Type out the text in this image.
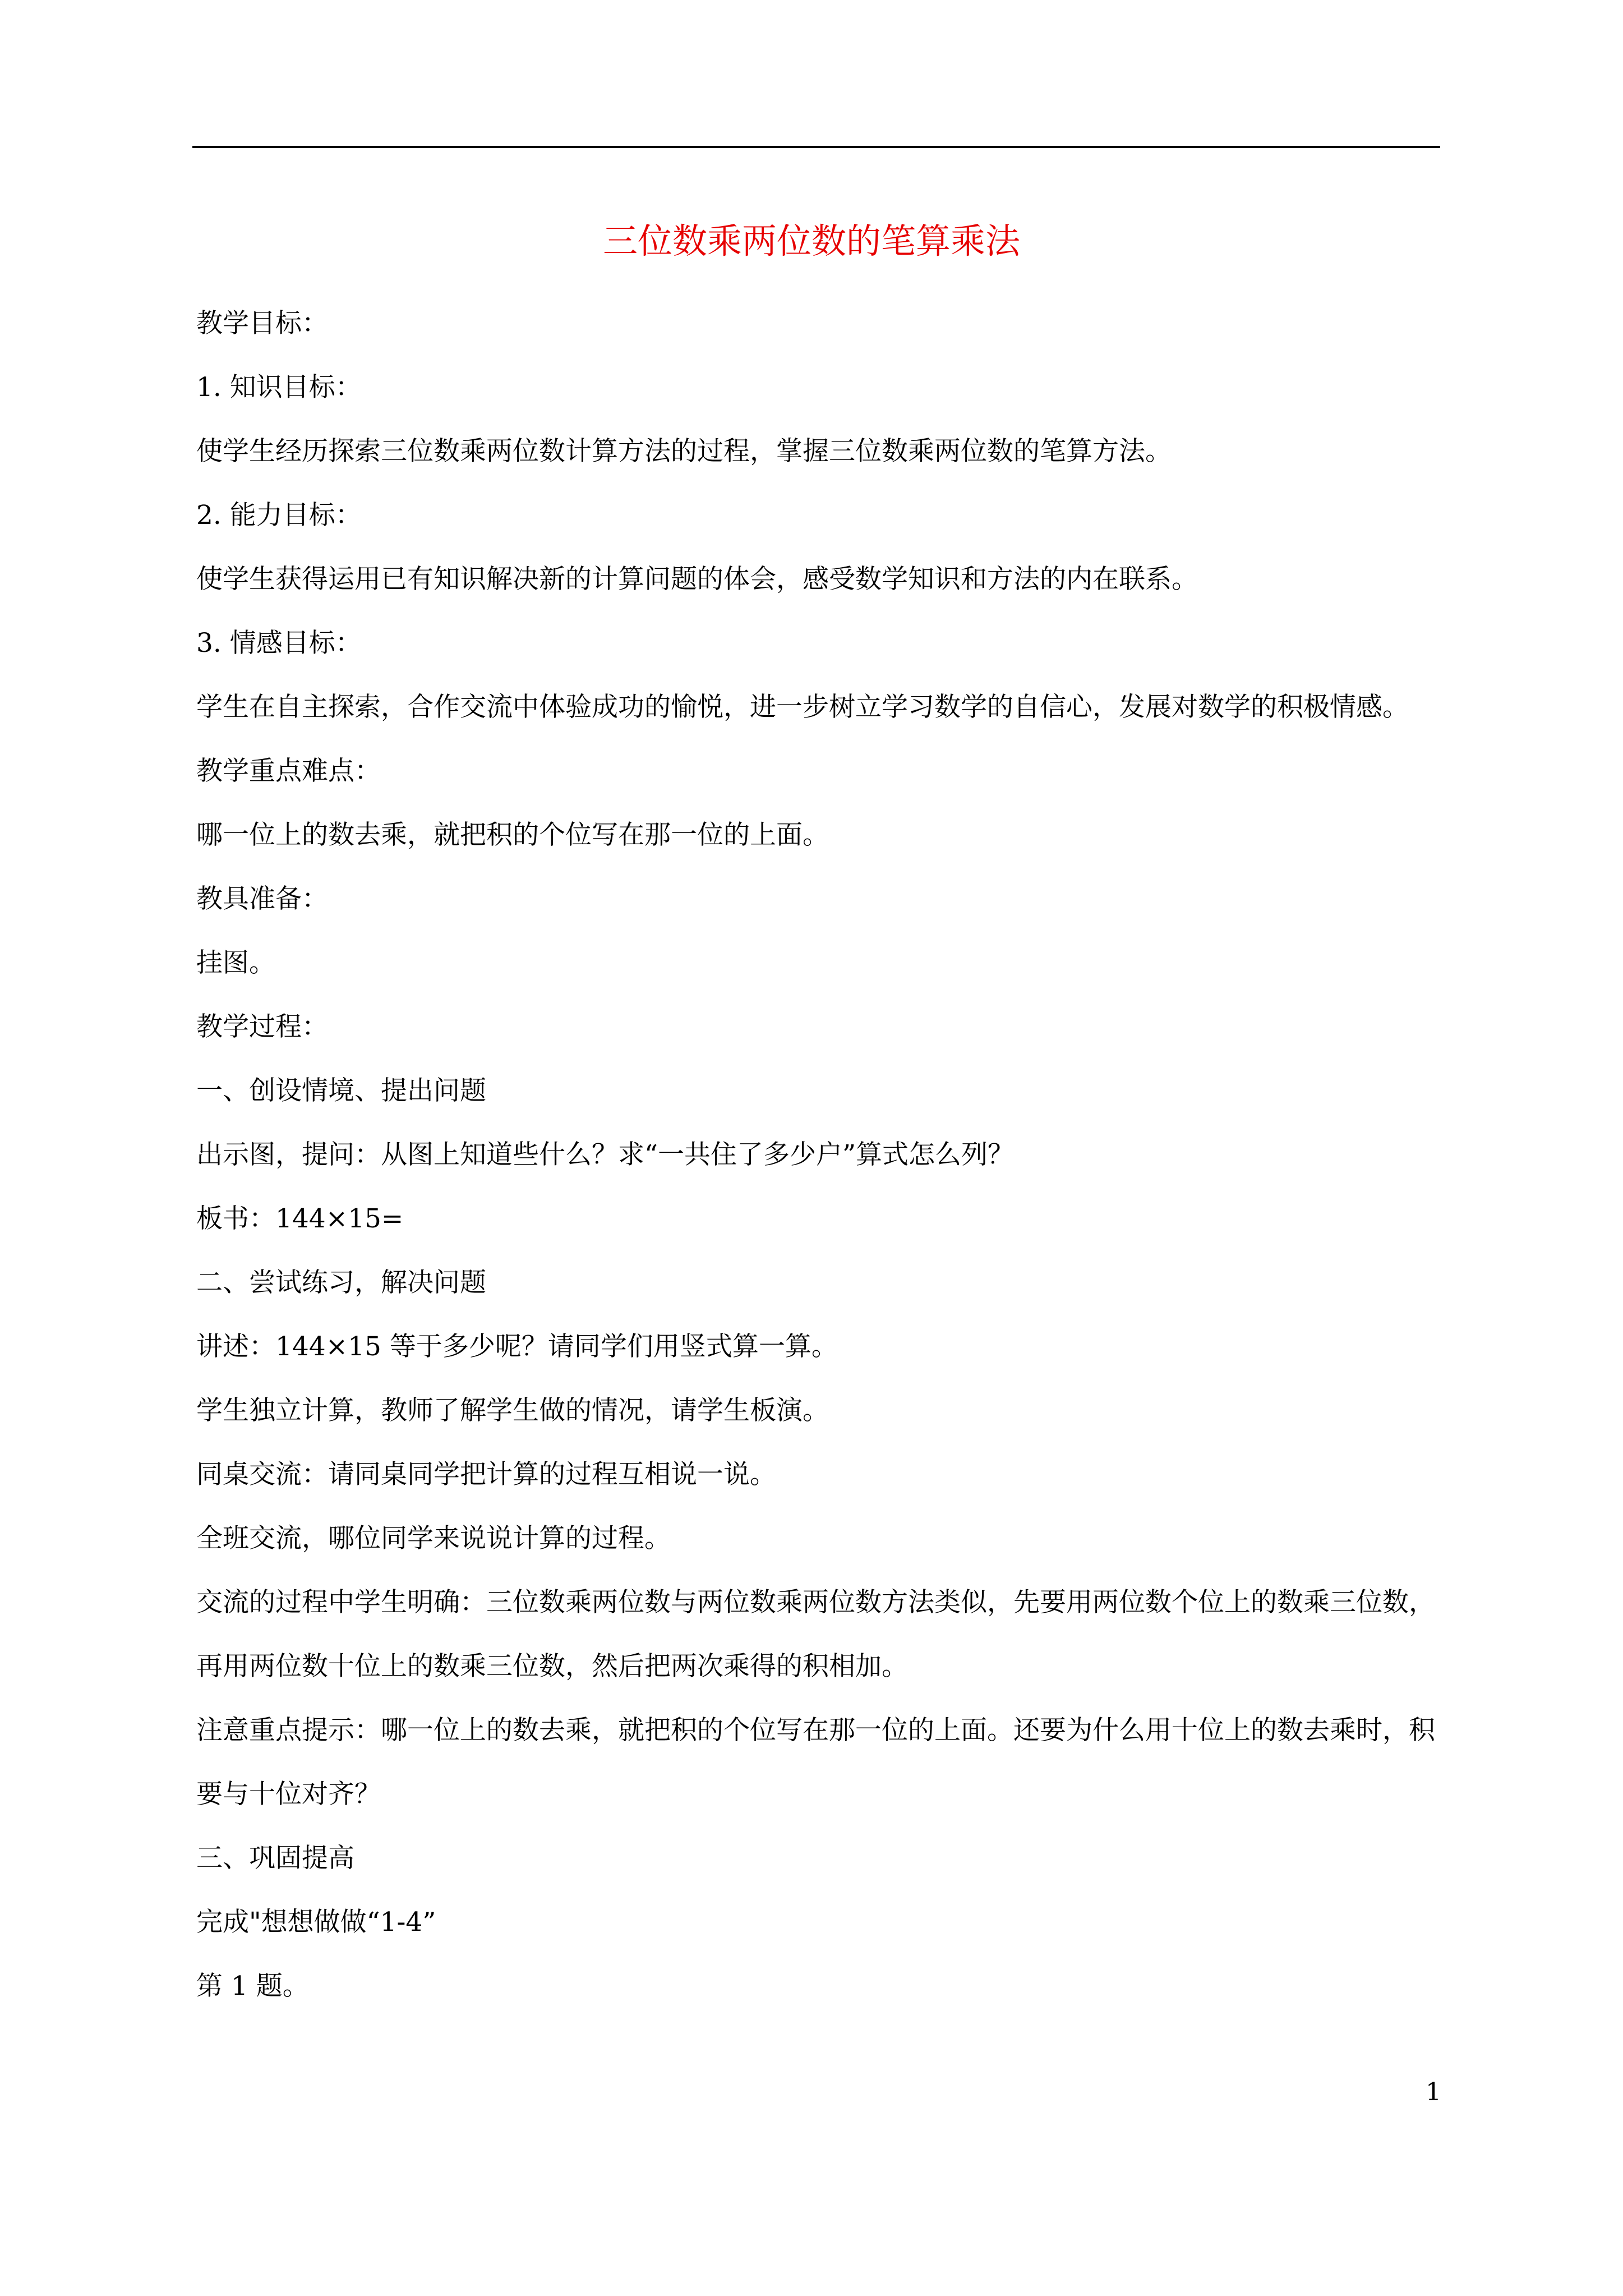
三位数乘两位数的笔算乘法

教学目标：

1. 知识目标：

使学生经历探索三位数乘两位数计算方法的过程，掌握三位数乘两位数的笔算方法。

2. 能力目标：

使学生获得运用已有知识解决新的计算问题的体会，感受数学知识和方法的内在联系。

3. 情感目标：

学生在自主探索，合作交流中体验成功的愉悦，进一步树立学习数学的自信心，发展对数学的积极情感。

教学重点难点：

哪一位上的数去乘，就把积的个位写在那一位的上面。

教具准备：

挂图。

教学过程：

一、创设情境、提出问题

出示图，提问：从图上知道些什么？求“一共住了多少户”算式怎么列？

板书：144×15=

二、尝试练习，解决问题

讲述：144×15 等于多少呢？请同学们用竖式算一算。

学生独立计算，教师了解学生做的情况，请学生板演。

同桌交流：请同桌同学把计算的过程互相说一说。

全班交流，哪位同学来说说计算的过程。

交流的过程中学生明确：三位数乘两位数与两位数乘两位数方法类似，先要用两位数个位上的数乘三位数，再用两位数十位上的数乘三位数，然后把两次乘得的积相加。

注意重点提示：哪一位上的数去乘，就把积的个位写在那一位的上面。还要为什么用十位上的数去乘时，积要与十位对齐？

三、巩固提高

完成"想想做做“1-4”

第 1 题。

1
